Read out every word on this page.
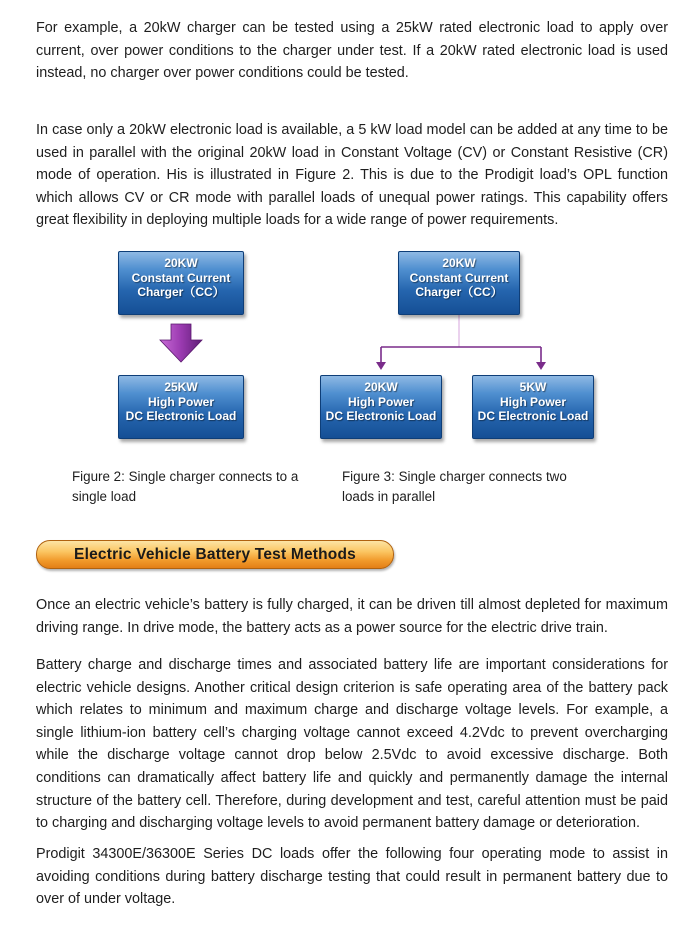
For example, a 20kW charger can be tested using a 25kW rated electronic load to apply over current, over power conditions to the charger under test. If a 20kW rated electronic load is used instead, no charger over power conditions could be tested.

In case only a 20kW electronic load is available, a 5 kW load model can be added at any time to be used in parallel with the original 20kW load in Constant Voltage (CV) or Constant Resistive (CR) mode of operation. His is illustrated in Figure 2. This is due to the Prodigit load’s OPL function which allows CV or CR mode with parallel loads of unequal power ratings. This capability offers great flexibility in deploying multiple loads for a wide range of power requirements.

20KW
Constant Current
Charger（CC）
25KW
High Power
DC Electronic Load
20KW
Constant Current
Charger（CC）
20KW
High Power
DC Electronic Load
5KW
High Power
DC Electronic Load

Figure 2: Single charger connects to a single load

Figure 3: Single charger connects two loads in parallel

Electric Vehicle Battery Test Methods

Once an electric vehicle’s battery is fully charged, it can be driven till almost depleted for maximum driving range. In drive mode, the battery acts as a power source for the electric drive train.

Battery charge and discharge times and associated battery life are important considerations for electric vehicle designs. Another critical design criterion is safe operating area of the battery pack which relates to minimum and maximum charge and discharge voltage levels. For example, a single lithium-ion battery cell’s charging voltage cannot exceed 4.2Vdc to prevent overcharging while the discharge voltage cannot drop below 2.5Vdc to avoid excessive discharge. Both conditions can dramatically affect battery life and quickly and permanently damage the internal structure of the battery cell. Therefore, during development and test, careful attention must be paid to charging and discharging voltage levels to avoid permanent battery damage or deterioration.

Prodigit 34300E/36300E Series DC loads offer the following four operating mode to assist in avoiding conditions during battery discharge testing that could result in permanent battery due to over of under voltage.
